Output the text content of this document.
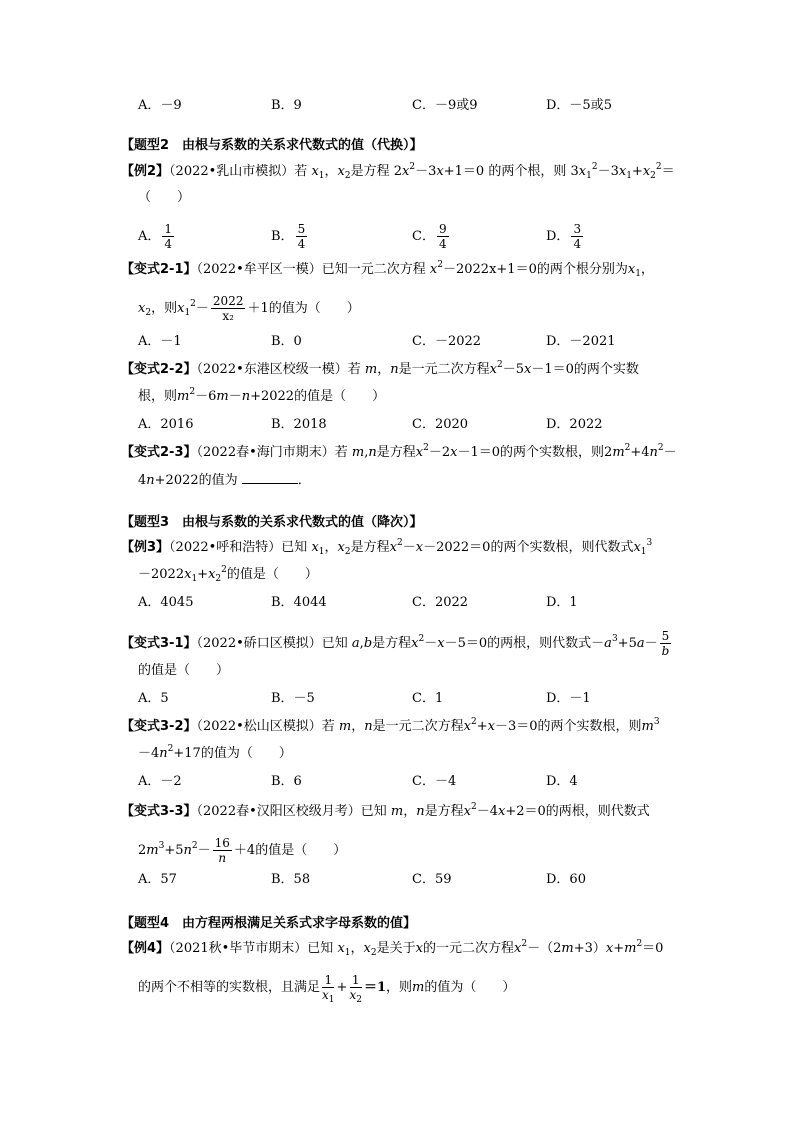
A．－9	B．9	C．－9或9	D．－5或5
【题型2　由根与系数的关系求代数式的值（代换）】
【例2】（2022•乳山市模拟）若 $x_1$，$x_2$是方程 $2x^2-3x+1=0$ 的两个根，则 $3x_1^2-3x_1+x_2^2=$
（　　）
A． $\frac{1}{4}$	B． $\frac{5}{4}$	C． $\frac{9}{4}$	D． $\frac{3}{4}$
【变式2-1】（2022•牟平区一模）已知一元二次方程 $x^2-2022x+1=0$的两个根分别为$x_1$，
$x_2$，则$x_1^2- \frac{2022}{\text{x₂}} +1$的值为（　　）
A．－1	B．0	C．－2022	D．－2021
【变式2-2】（2022•东港区校级一模）若 m，n是一元二次方程$x^2-5x-1=0$的两个实数
根，则$m^2-6m-n+2022$的值是（　　）
A．2016	B．2018	C．2020	D．2022
【变式2-3】（2022春•海门市期末）若 m,n是方程$x^2-2x-1=0$的两个实数根，则$2m^2+4n^2-$
4n+2022的值为	．
【题型3　由根与系数的关系求代数式的值（降次）】
【例3】（2022•呼和浩特）已知 $x_1$，$x_2$是方程$x^2-x-2022=0$的两个实数根，则代数式$x_1^3$
$-2022x_1+x_2^2$的值是（　　）
A．4045	B．4044	C．2022	D．1
【变式3-1】（2022•硚口区模拟）已知 a,b是方程$x^2-x-5=0$的两根，则代数式$-a^3+5a- \frac{5}{b}$
的值是（　　）
A．5	B．－5	C．1	D．－1
【变式3-2】（2022•松山区模拟）若 m，n是一元二次方程$x^2+x-3=0$的两个实数根，则$m^3$
$-4n^2+17$的值为（　　）
A．－2	B．6	C．－4	D．4
【变式3-3】（2022春•汉阳区校级月考）已知 m，n是方程$x^2-4x+2=0$的两根，则代数式
$2m^3+5n^2- \frac{16}{n} +4$的值是（　　）
A．57	B．58	C．59	D．60
【题型4　由方程两根满足关系式求字母系数的值】
【例4】（2021秋•毕节市期末）已知 $x_1$，$x_2$是关于x的一元二次方程$x^2-(2m+3)x+m^2=0$
的两个不相等的实数根，且满足 $\frac{1}{x_1} + \frac{1}{x_2} =1$，则m的值为（　　）
